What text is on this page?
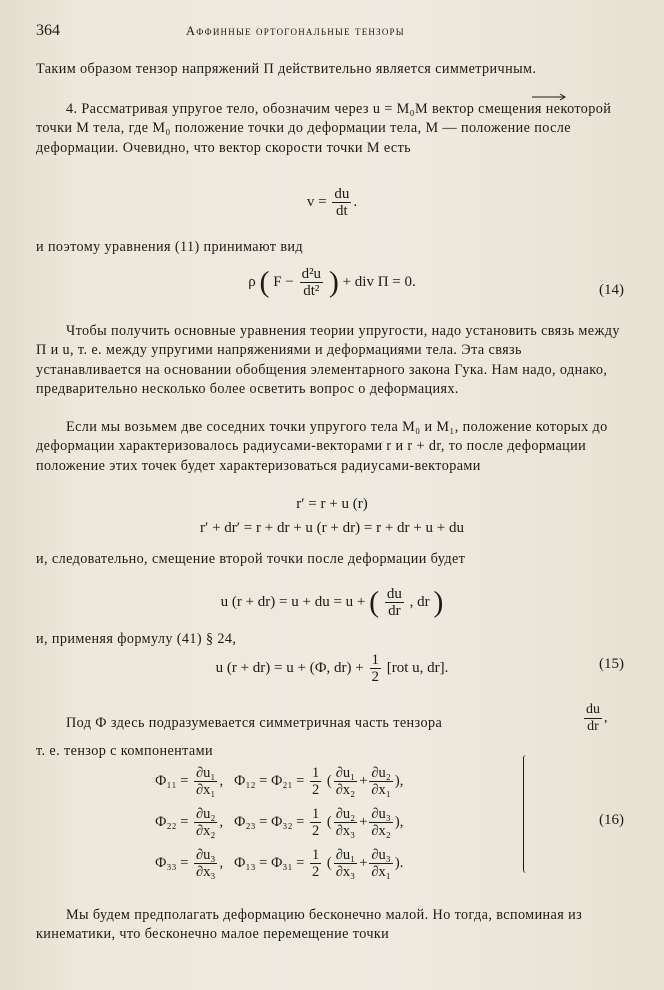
364	Аффинные ортогональные тензоры
Таким образом тензор напряжений П действительно является симметричным.
4. Рассматривая упругое тело, обозначим через u = M₀M вектор смещения некоторой точки M тела, где M₀ положение точки до деформации тела, M — положение после деформации. Очевидно, что вектор скорости точки M есть
$v = \frac{du}{dt}$ .
и поэтому уравнения (11) принимают вид
ρ ( $F - \frac{\text{d²u}}{\text{dt²}}$ ) + div П = 0.
(14)
Чтобы получить основные уравнения теории упругости, надо установить связь между П и u, т. е. между упругими напряжениями и деформациями тела. Эта связь устанавливается на основании обобщения элементарного закона Гука. Нам надо, однако, предварительно несколько более осветить вопрос о деформациях.
Если мы возьмем две соседних точки упругого тела M₀ и M₁, положение которых до деформации характеризовалось радиусами-векторами r и r + dr, то после деформации положение этих точек будет характеризоваться радиусами-векторами
r′ = r + u (r)
r′ + dr′ = r + dr + u (r + dr) = r + dr + u + du
и, следовательно, смещение второй точки после деформации будет
u (r + dr) = u + du = u + ( $\frac{du}{dr}$ , dr )
и, применяя формулу (41) § 24,
u (r + dr) = u + (Ф, $dr) + \frac{1}{2} [rot$ u, dr].	(15)
Под Ф здесь подразумевается симметричная часть тензора	$\frac{du}{dr}$ ,
т. е. тензор с компонентами
$Ф_{11} = \frac{\text{∂u₁}}{\text{∂x₁}}$ ,   $Ф_{12} = Ф_{21} = \frac{1}{2}$ ( $\frac{\text{∂u₁}}{\text{∂x₂}} + \frac{\text{∂u₂}}{\text{∂x₁}}$ ),
$Ф_{22} = \frac{\text{∂u₂}}{\text{∂x₂}}$ ,   $Ф_{23} = Ф_{32} = \frac{1}{2}$ ( $\frac{\text{∂u₂}}{\text{∂x₃}} + \frac{\text{∂u₃}}{\text{∂x₂}}$ ),
$Ф_{33} = \frac{\text{∂u₃}}{\text{∂x₃}}$ ,   $Ф_{13} = Ф_{31} = \frac{1}{2}$ ( $\frac{\text{∂u₁}}{\text{∂x₃}} + \frac{\text{∂u₃}}{\text{∂x₁}}$ ).
(16)
Мы будем предполагать деформацию бесконечно малой. Но тогда, вспоминая из кинематики, что бесконечно малое перемещение точки
